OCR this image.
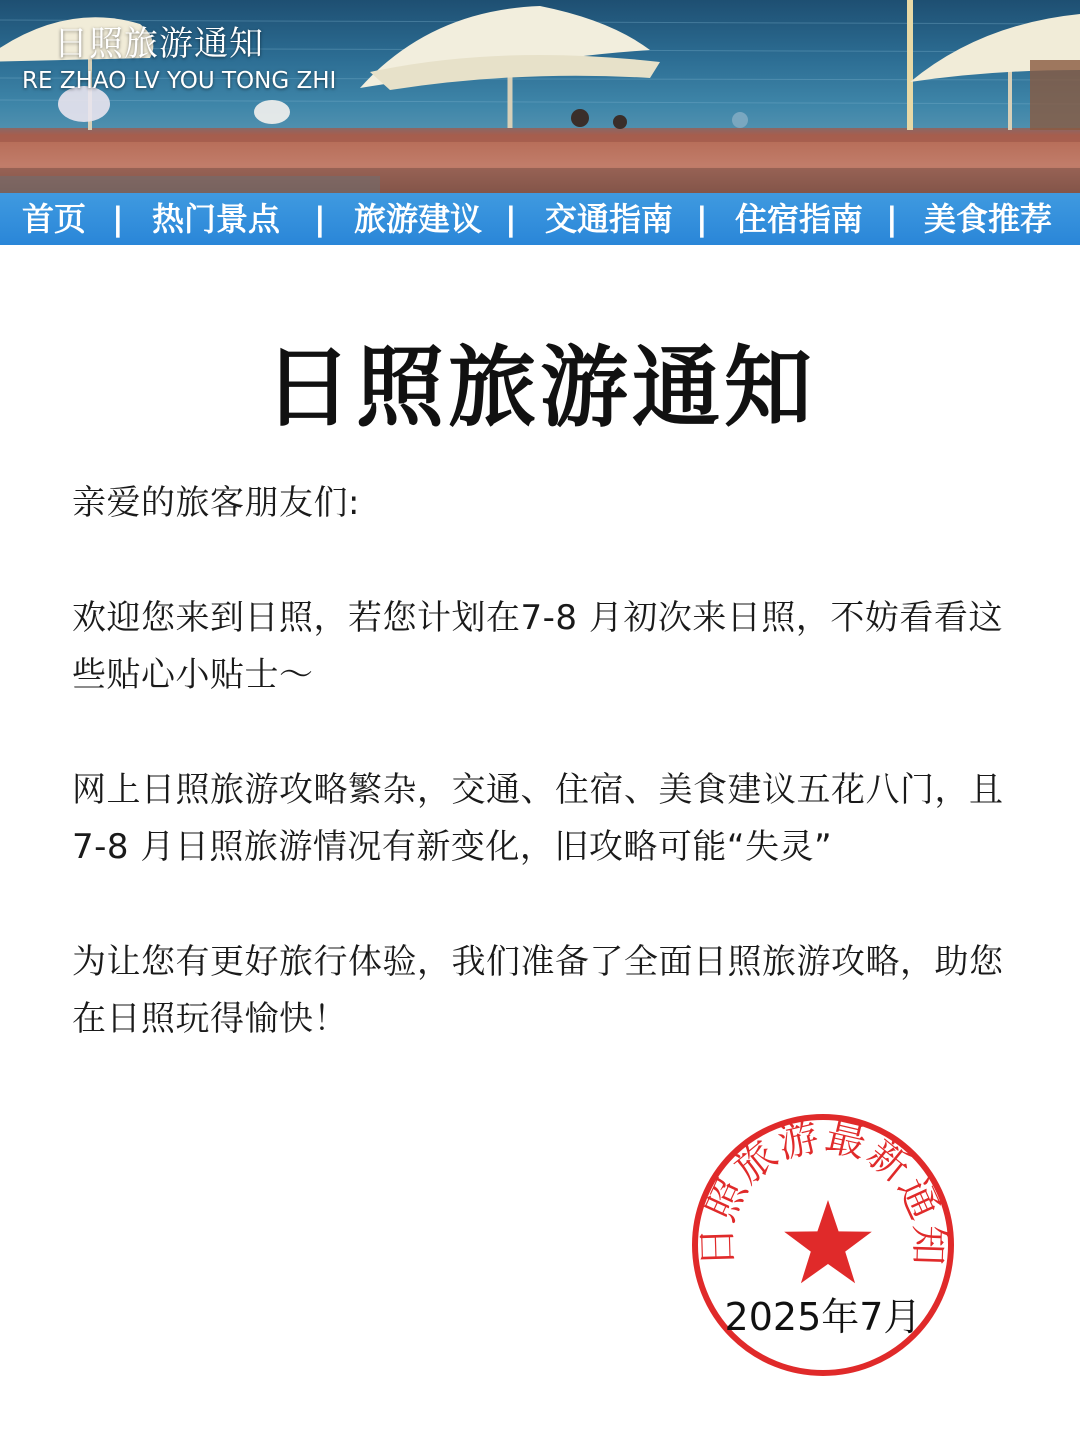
日照旅游通知

RE ZHAO LV YOU TONG ZHI

首页 | 热门景点 | 旅游建议 | 交通指南 | 住宿指南 | 美食推荐
日照旅游通知

亲爱的旅客朋友们:

欢迎您来到日照，若您计划在7-8 月初次来日照，不妨看看这些贴心小贴士～

网上日照旅游攻略繁杂，交通、住宿、美食建议五花八门，且 7-8 月日照旅游情况有新变化，旧攻略可能“失灵”

为让您有更好旅行体验，我们准备了全面日照旅游攻略，助您在日照玩得愉快！

日照旅游最新通知
2025年7月
